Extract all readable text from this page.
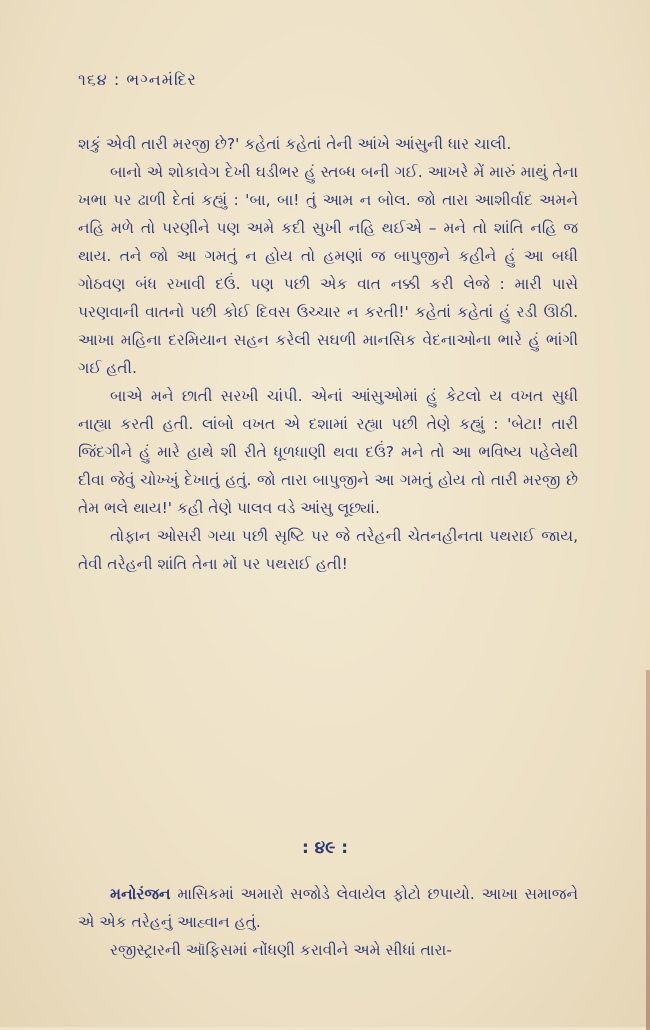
૧૬૪ : ભગ્નમંદિર

શકું એવી તારી મરજી છે?' કહેતાં કહેતાં તેની આંખે આંસુની ધાર ચાલી.

બાનો એ શોકાવેગ દેખી ઘડીભર હું સ્તબ્ધ બની ગઈ. આખરે મેં મારું માથું તેના ખભા પર ઢાળી દેતાં કહ્યું : 'બા, બા! તું આમ ન બોલ. જો તારા આશીર્વાદ અમને નહિ મળે તો પરણીને પણ અમે કદી સુખી નહિ થઈએ – મને તો શાંતિ નહિ જ થાય. તને જો આ ગમતું ન હોય તો હમણાં જ બાપુજીને કહીને હું આ બધી ગોઠવણ બંધ રખાવી દઉં. પણ પછી એક વાત નક્કી કરી લેજે : મારી પાસે પરણવાની વાતનો પછી કોઈ દિવસ ઉચ્ચાર ન કરતી!' કહેતાં કહેતાં હું રડી ઊઠી. આખા મહિના દરમિયાન સહન કરેલી સઘળી માનસિક વેદનાઓના ભારે હું ભાંગી ગઈ હતી.

બાએ મને છાતી સરખી ચાંપી. એનાં આંસુઓમાં હું કેટલો ય વખત સુધી નાહ્યા કરતી હતી. લાંબો વખત એ દશામાં રહ્યા પછી તેણે કહ્યું : 'બેટા! તારી જિંદગીને હું મારે હાથે શી રીતે ધૂળધાણી થવા દઉં? મને તો આ ભવિષ્ય પહેલેથી દીવા જેવું ચોખ્ખું દેખાતું હતું. જો તારા બાપુજીને આ ગમતું હોય તો તારી મરજી છે તેમ ભલે થાય!' કહી તેણે પાલવ વડે આંસુ લૂછ્યાં.

તોફાન ઓસરી ગયા પછી સૃષ્ટિ પર જે તરેહની ચેતનહીનતા પથરાઈ જાય, તેવી તરેહની શાંતિ તેના મોં પર પથરાઈ હતી!

: ૪૯ :

મનોરંજન માસિકમાં અમારો સજોડે લેવાયેલ ફોટો છપાયો. આખા સમાજને એ એક તરેહનું આહ્વાન હતું.

રજીસ્ટ્રારની ઑફિસમાં નોંધણી કરાવીને અમે સીધાં તારા-
